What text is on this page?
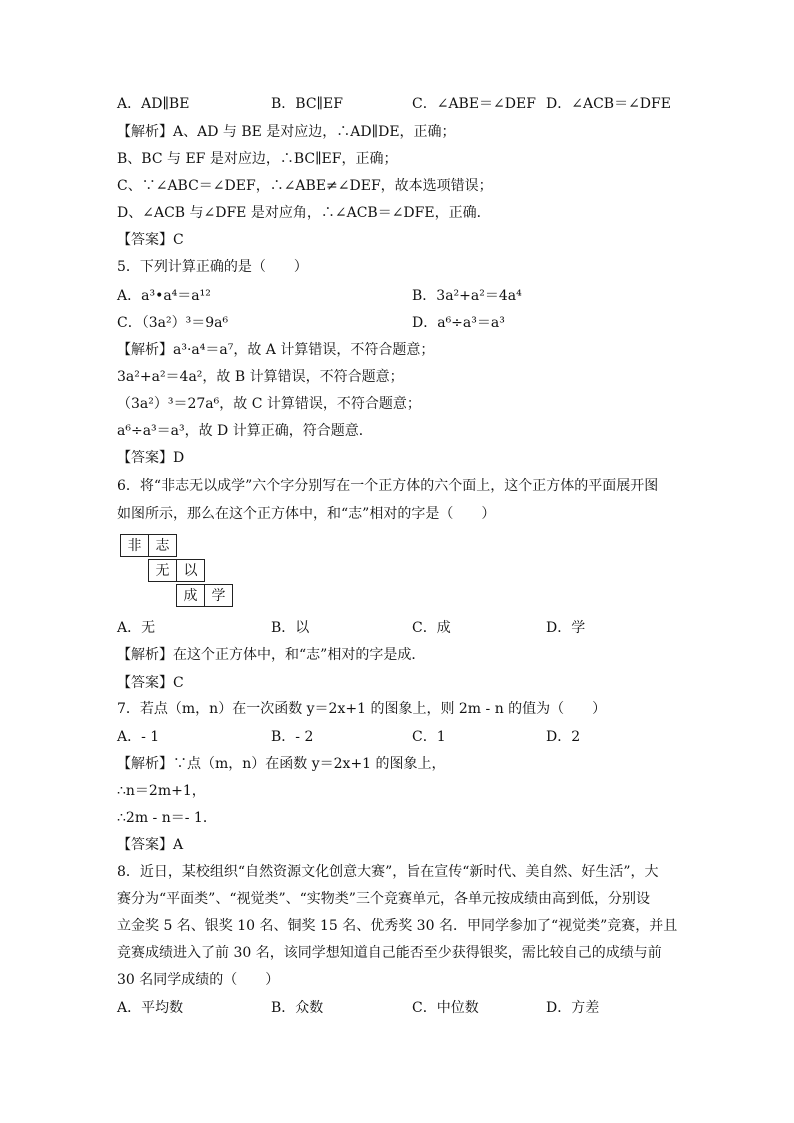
A．AD∥BE	B．BC∥EF	C．∠ABE＝∠DEF D．∠ACB＝∠DFE
【解析】A、AD 与 BE 是对应边，∴AD∥DE，正确；
B、BC 与 EF 是对应边，∴BC∥EF，正确；
C、∵∠ABC＝∠DEF，∴∠ABE≠∠DEF，故本选项错误；
D、∠ACB 与∠DFE 是对应角，∴∠ACB＝∠DFE，正确．
【答案】C
5．下列计算正确的是（　　）
A．a³•a⁴＝a¹²	B．3a²+a²＝4a⁴
C．（3a²）³＝9a⁶	D．a⁶÷a³＝a³
【解析】a³·a⁴＝a⁷，故 A 计算错误，不符合题意；
3a²+a²＝4a²，故 B 计算错误，不符合题意；
（3a²）³＝27a⁶，故 C 计算错误，不符合题意；
a⁶÷a³＝a³，故 D 计算正确，符合题意．
【答案】D
6．将“非志无以成学”六个字分别写在一个正方体的六个面上，这个正方体的平面展开图
如图所示，那么在这个正方体中，和“志”相对的字是（　　）
非	志
无	以
成	学
A．无	B．以	C．成	D．学
【解析】在这个正方体中，和“志”相对的字是成．
【答案】C
7．若点（m，n）在一次函数 y＝2x+1 的图象上，则 2m - n 的值为（　　）
A．- 1	B．- 2	C．1	D．2
【解析】∵点（m，n）在函数 y＝2x+1 的图象上，
∴n＝2m+1，
∴2m - n＝- 1．
【答案】A
8．近日，某校组织“自然资源文化创意大赛”，旨在宣传“新时代、美自然、好生活”，大
赛分为“平面类”、“视觉类”、“实物类”三个竞赛单元，各单元按成绩由高到低，分别设
立金奖 5 名、银奖 10 名、铜奖 15 名、优秀奖 30 名．甲同学参加了“视觉类”竞赛，并且
竞赛成绩进入了前 30 名，该同学想知道自己能否至少获得银奖，需比较自己的成绩与前
30 名同学成绩的（　　）
A．平均数	B．众数	C．中位数	D．方差
